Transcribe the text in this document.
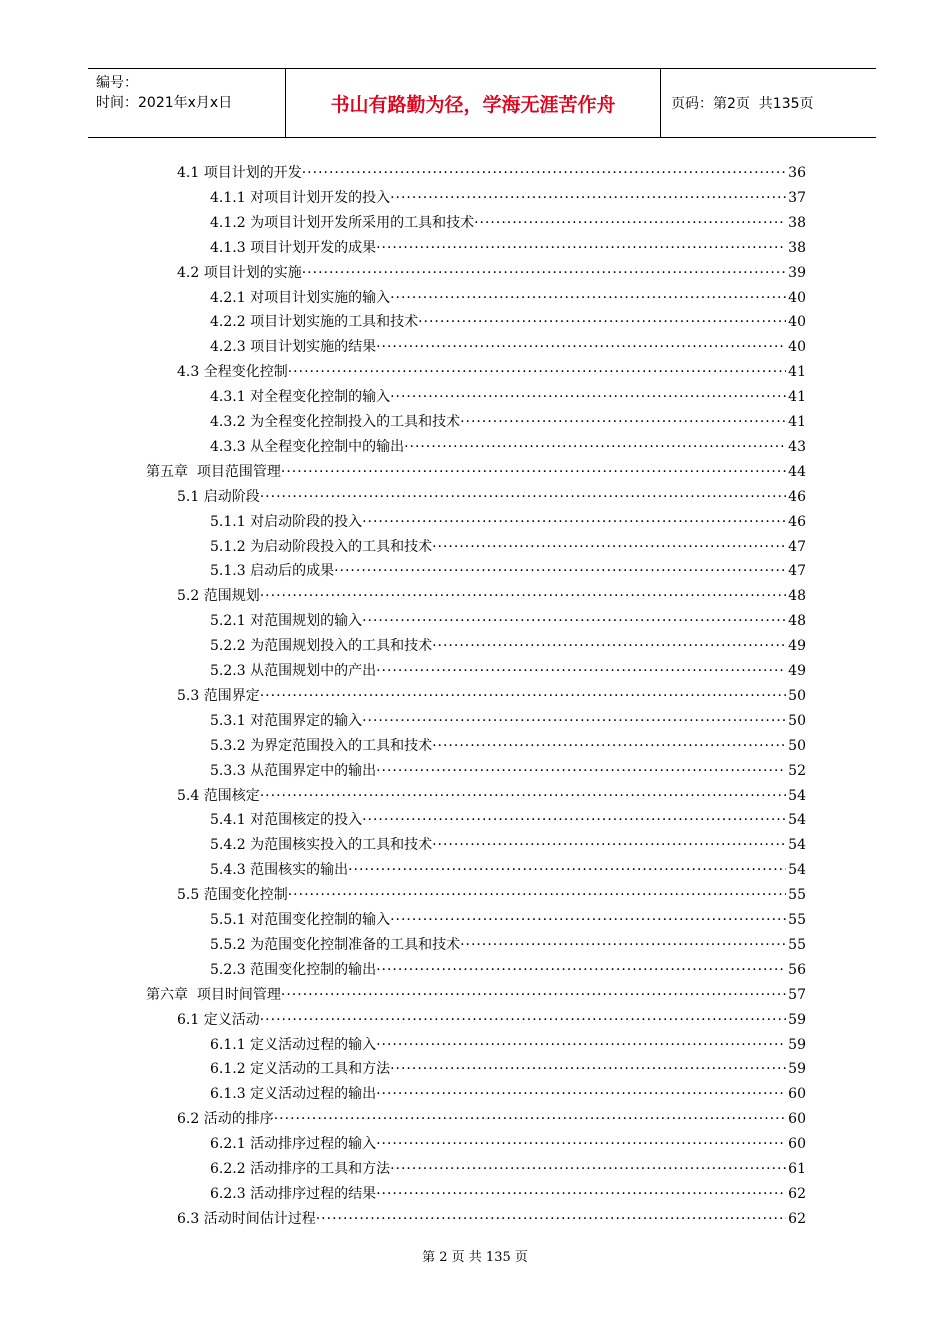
编号：
时间：2021年x月x日	书山有路勤为径，学海无涯苦作舟	页码：第2页  共135页
4.1 项目计划的开发 ·····	36
4.1.1 对项目计划开发的投入 ·····	37
4.1.2 为项目计划开发所采用的工具和技术 ·····	38
4.1.3 项目计划开发的成果 ·····	38
4.2 项目计划的实施 ·····	39
4.2.1 对项目计划实施的输入 ·····	40
4.2.2 项目计划实施的工具和技术 ·····	40
4.2.3 项目计划实施的结果 ·····	40
4.3 全程变化控制 ·····	41
4.3.1 对全程变化控制的输入 ·····	41
4.3.2 为全程变化控制投入的工具和技术 ·····	41
4.3.3 从全程变化控制中的输出 ·····	43
第五章  项目范围管理 ·····	44
5.1 启动阶段 ·····	46
5.1.1 对启动阶段的投入 ·····	46
5.1.2 为启动阶段投入的工具和技术 ·····	47
5.1.3 启动后的成果 ·····	47
5.2 范围规划 ·····	48
5.2.1 对范围规划的输入 ·····	48
5.2.2 为范围规划投入的工具和技术 ·····	49
5.2.3 从范围规划中的产出 ·····	49
5.3 范围界定 ·····	50
5.3.1 对范围界定的输入 ·····	50
5.3.2 为界定范围投入的工具和技术 ·····	50
5.3.3 从范围界定中的输出 ·····	52
5.4 范围核定 ·····	54
5.4.1 对范围核定的投入 ·····	54
5.4.2 为范围核实投入的工具和技术 ·····	54
5.4.3 范围核实的输出 ·····	54
5.5 范围变化控制 ·····	55
5.5.1 对范围变化控制的输入 ·····	55
5.5.2 为范围变化控制准备的工具和技术 ·····	55
5.2.3 范围变化控制的输出 ·····	56
第六章  项目时间管理 ·····	57
6.1 定义活动 ·····	59
6.1.1 定义活动过程的输入 ·····	59
6.1.2 定义活动的工具和方法 ·····	59
6.1.3 定义活动过程的输出 ·····	60
6.2 活动的排序 ·····	60
6.2.1 活动排序过程的输入 ·····	60
6.2.2 活动排序的工具和方法 ·····	61
6.2.3 活动排序过程的结果 ·····	62
6.3 活动时间估计过程 ·····	62
第 2 页 共 135 页
